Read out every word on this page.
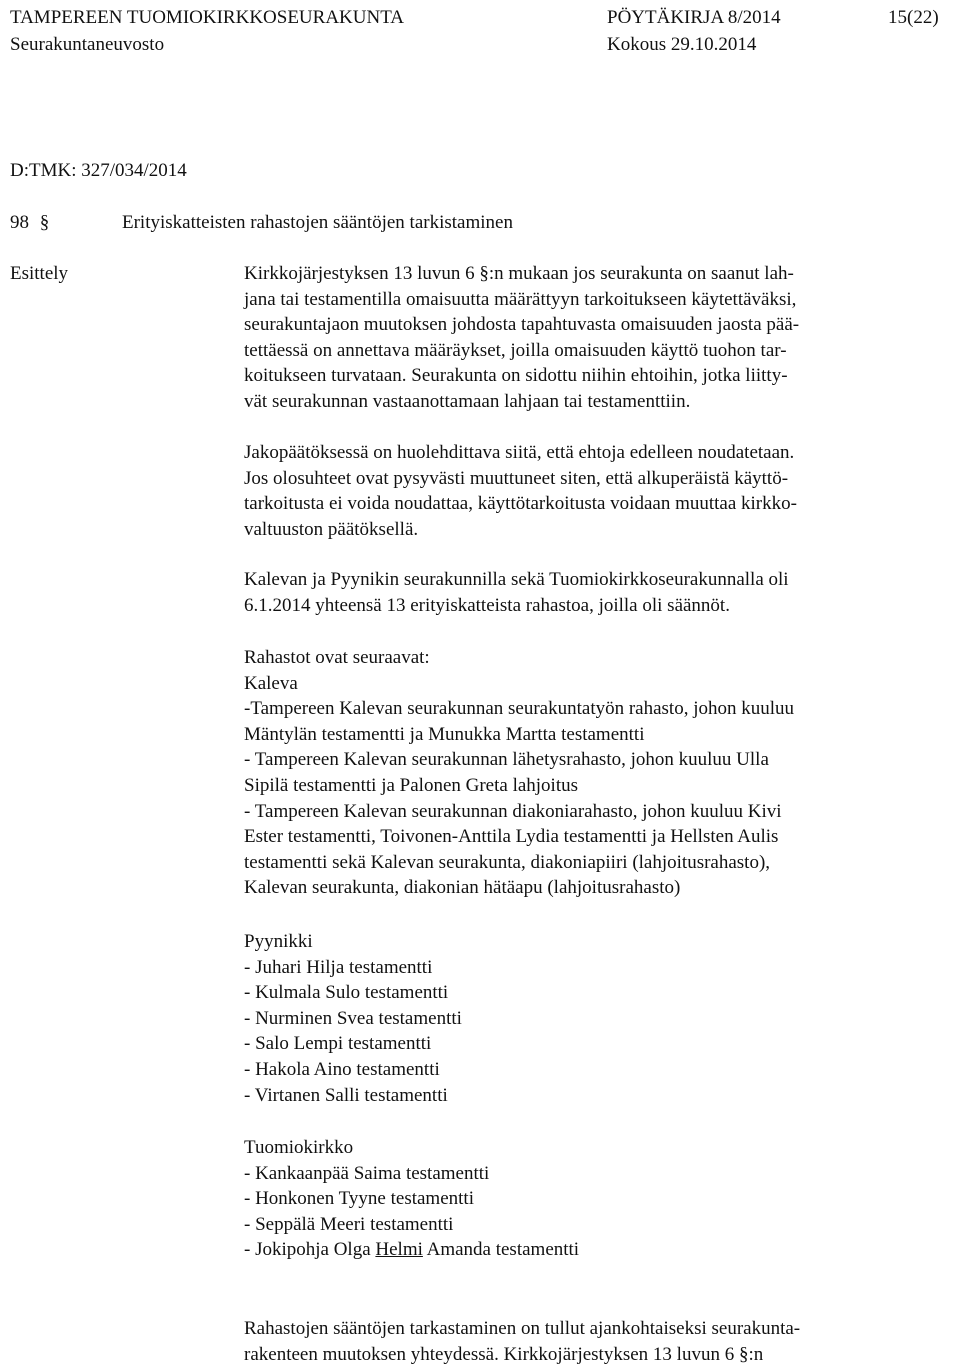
TAMPEREEN TUOMIOKIRKKOSEURAKUNTA	PÖYTÄKIRJA 8/2014	15(22)
Seurakuntaneuvosto	Kokous 29.10.2014
D:TMK: 327/034/2014
98 §	Erityiskatteisten rahastojen sääntöjen tarkistaminen
Esittely	Kirkkojärjestyksen 13 luvun 6 §:n mukaan jos seurakunta on saanut lah-
jana tai testamentilla omaisuutta määrättyyn tarkoitukseen käytettäväksi,
seurakuntajaon muutoksen johdosta tapahtuvasta omaisuuden jaosta pää-
tettäessä on annettava määräykset, joilla omaisuuden käyttö tuohon tar-
koitukseen turvataan. Seurakunta on sidottu niihin ehtoihin, jotka liitty-
vät seurakunnan vastaanottamaan lahjaan tai testamenttiin.

Jakopäätöksessä on huolehdittava siitä, että ehtoja edelleen noudatetaan.
Jos olosuhteet ovat pysyvästi muuttuneet siten, että alkuperäistä käyttö-
tarkoitusta ei voida noudattaa, käyttötarkoitusta voidaan muuttaa kirkko-
valtuuston päätöksellä.

Kalevan ja Pyynikin seurakunnilla sekä Tuomiokirkkoseurakunnalla oli
6.1.2014 yhteensä 13 erityiskatteista rahastoa, joilla oli säännöt.

Rahastot ovat seuraavat:
Kaleva
-Tampereen Kalevan seurakunnan seurakuntatyön rahasto, johon kuuluu
Mäntylän testamentti ja Munukka Martta testamentti
- Tampereen Kalevan seurakunnan lähetysrahasto, johon kuuluu Ulla
Sipilä testamentti ja Palonen Greta lahjoitus
- Tampereen Kalevan seurakunnan diakoniarahasto, johon kuuluu Kivi
Ester testamentti, Toivonen-Anttila Lydia testamentti ja Hellsten Aulis
testamentti sekä Kalevan seurakunta, diakoniapiiri (lahjoitusrahasto),
Kalevan seurakunta, diakonian hätäapu (lahjoitusrahasto)
Pyynikki
- Juhari Hilja testamentti
- Kulmala Sulo testamentti
- Nurminen Svea testamentti
- Salo Lempi testamentti
- Hakola Aino testamentti
- Virtanen Salli testamentti
Tuomiokirkko
- Kankaanpää Saima testamentti
- Honkonen Tyyne testamentti
- Seppälä Meeri testamentti
- Jokipohja Olga Helmi Amanda testamentti

Rahastojen sääntöjen tarkastaminen on tullut ajankohtaiseksi seurakunta-
rakenteen muutoksen yhteydessä. Kirkkojärjestyksen 13 luvun 6 §:n
